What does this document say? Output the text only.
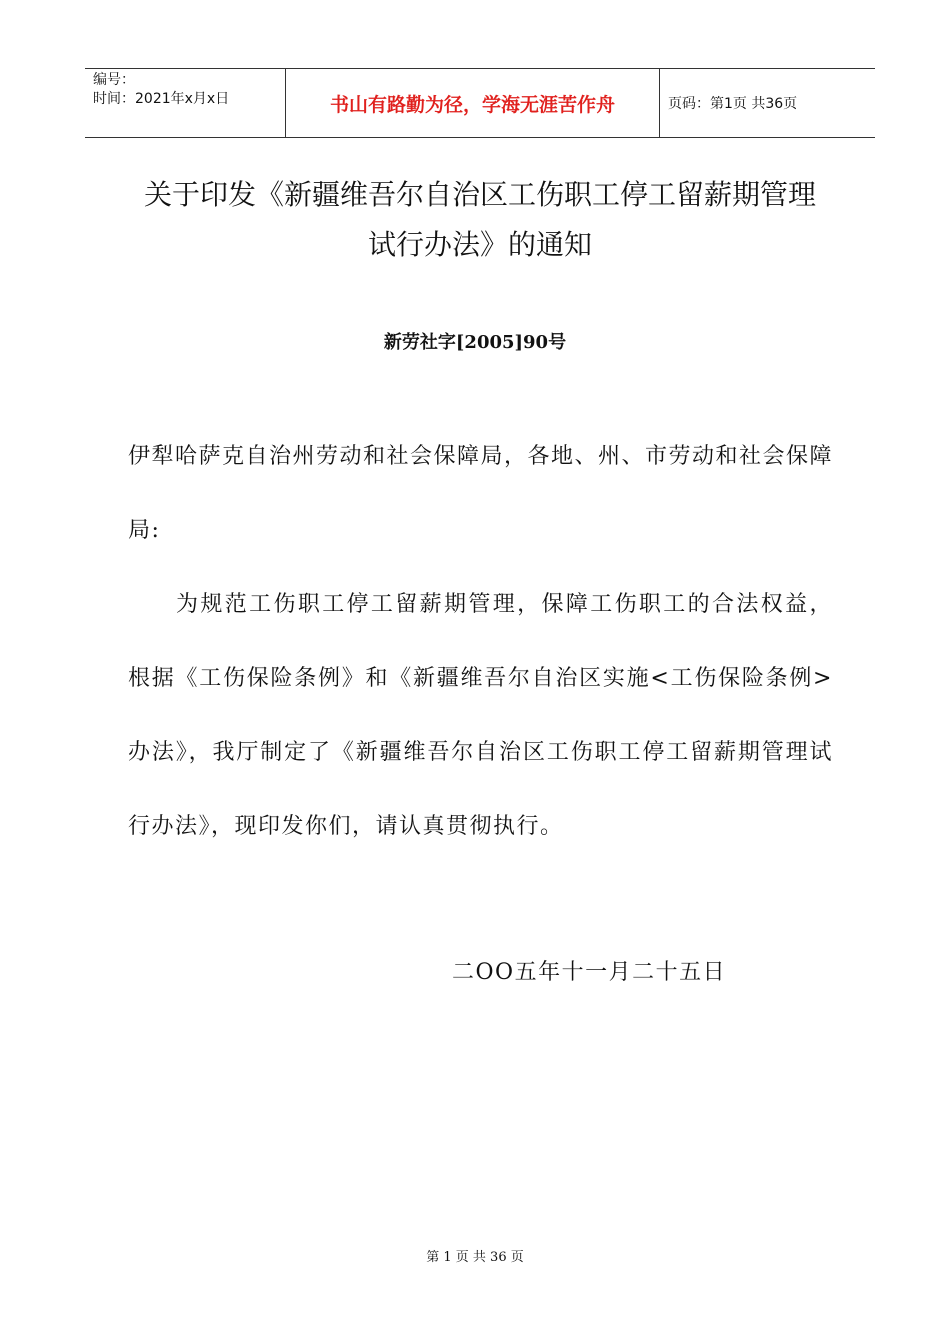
编号：
时间：2021年x月x日	书山有路勤为径，学海无涯苦作舟	页码：第1页 共36页
关于印发《新疆维吾尔自治区工伤职工停工留薪期管理
试行办法》的通知
新劳社字[2005]90号

伊犁哈萨克自治州劳动和社会保障局，各地、州、市劳动和社会保障局:

为规范工伤职工停工留薪期管理，保障工伤职工的合法权益，根据《工伤保险条例》和《新疆维吾尔自治区实施<工伤保险条例>办法》，我厅制定了《新疆维吾尔自治区工伤职工停工留薪期管理试行办法》，现印发你们，请认真贯彻执行。

二OO五年十一月二十五日
第 1 页 共 36 页
